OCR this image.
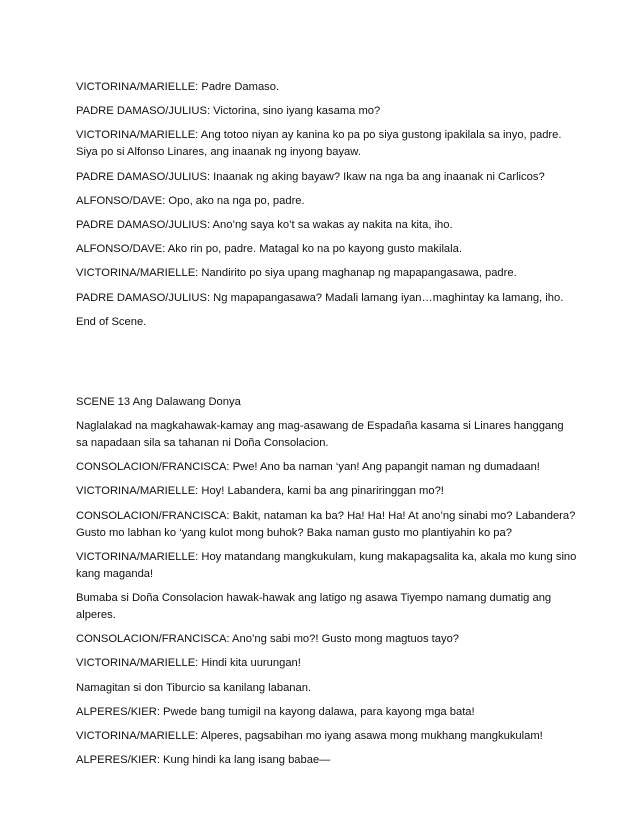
VICTORINA/MARIELLE: Padre Damaso.

PADRE DAMASO/JULIUS: Victorina, sino iyang kasama mo?

VICTORINA/MARIELLE: Ang totoo niyan ay kanina ko pa po siya gustong ipakilala sa inyo, padre. Siya po si Alfonso Linares, ang inaanak ng inyong bayaw.

PADRE DAMASO/JULIUS: Inaanak ng aking bayaw? Ikaw na nga ba ang inaanak ni Carlicos?

ALFONSO/DAVE: Opo, ako na nga po, padre.

PADRE DAMASO/JULIUS: Ano’ng saya ko’t sa wakas ay nakita na kita, iho.

ALFONSO/DAVE: Ako rin po, padre. Matagal ko na po kayong gusto makilala.

VICTORINA/MARIELLE: Nandirito po siya upang maghanap ng mapapangasawa, padre.

PADRE DAMASO/JULIUS: Ng mapapangasawa? Madali lamang iyan…maghintay ka lamang, iho.

End of Scene.

SCENE 13 Ang Dalawang Donya

Naglalakad na magkahawak-kamay ang mag-asawang de Espadaña kasama si Linares hanggang sa napadaan sila sa tahanan ni Doña Consolacion.

CONSOLACION/FRANCISCA: Pwe! Ano ba naman ‘yan! Ang papangit naman ng dumadaan!

VICTORINA/MARIELLE: Hoy! Labandera, kami ba ang pinariringgan mo?!

CONSOLACION/FRANCISCA: Bakit, nataman ka ba? Ha! Ha! Ha! At ano’ng sinabi mo? Labandera? Gusto mo labhan ko ‘yang kulot mong buhok? Baka naman gusto mo plantiyahin ko pa?

VICTORINA/MARIELLE: Hoy matandang mangkukulam, kung makapagsalita ka, akala mo kung sino kang maganda!

Bumaba si Doña Consolacion hawak-hawak ang latigo ng asawa Tiyempo namang dumatig ang alperes.

CONSOLACION/FRANCISCA: Ano’ng sabi mo?! Gusto mong magtuos tayo?

VICTORINA/MARIELLE: Hindi kita uurungan!

Namagitan si don Tiburcio sa kanilang labanan.

ALPERES/KIER: Pwede bang tumigil na kayong dalawa, para kayong mga bata!

VICTORINA/MARIELLE: Alperes, pagsabihan mo iyang asawa mong mukhang mangkukulam!

ALPERES/KIER: Kung hindi ka lang isang babae—
